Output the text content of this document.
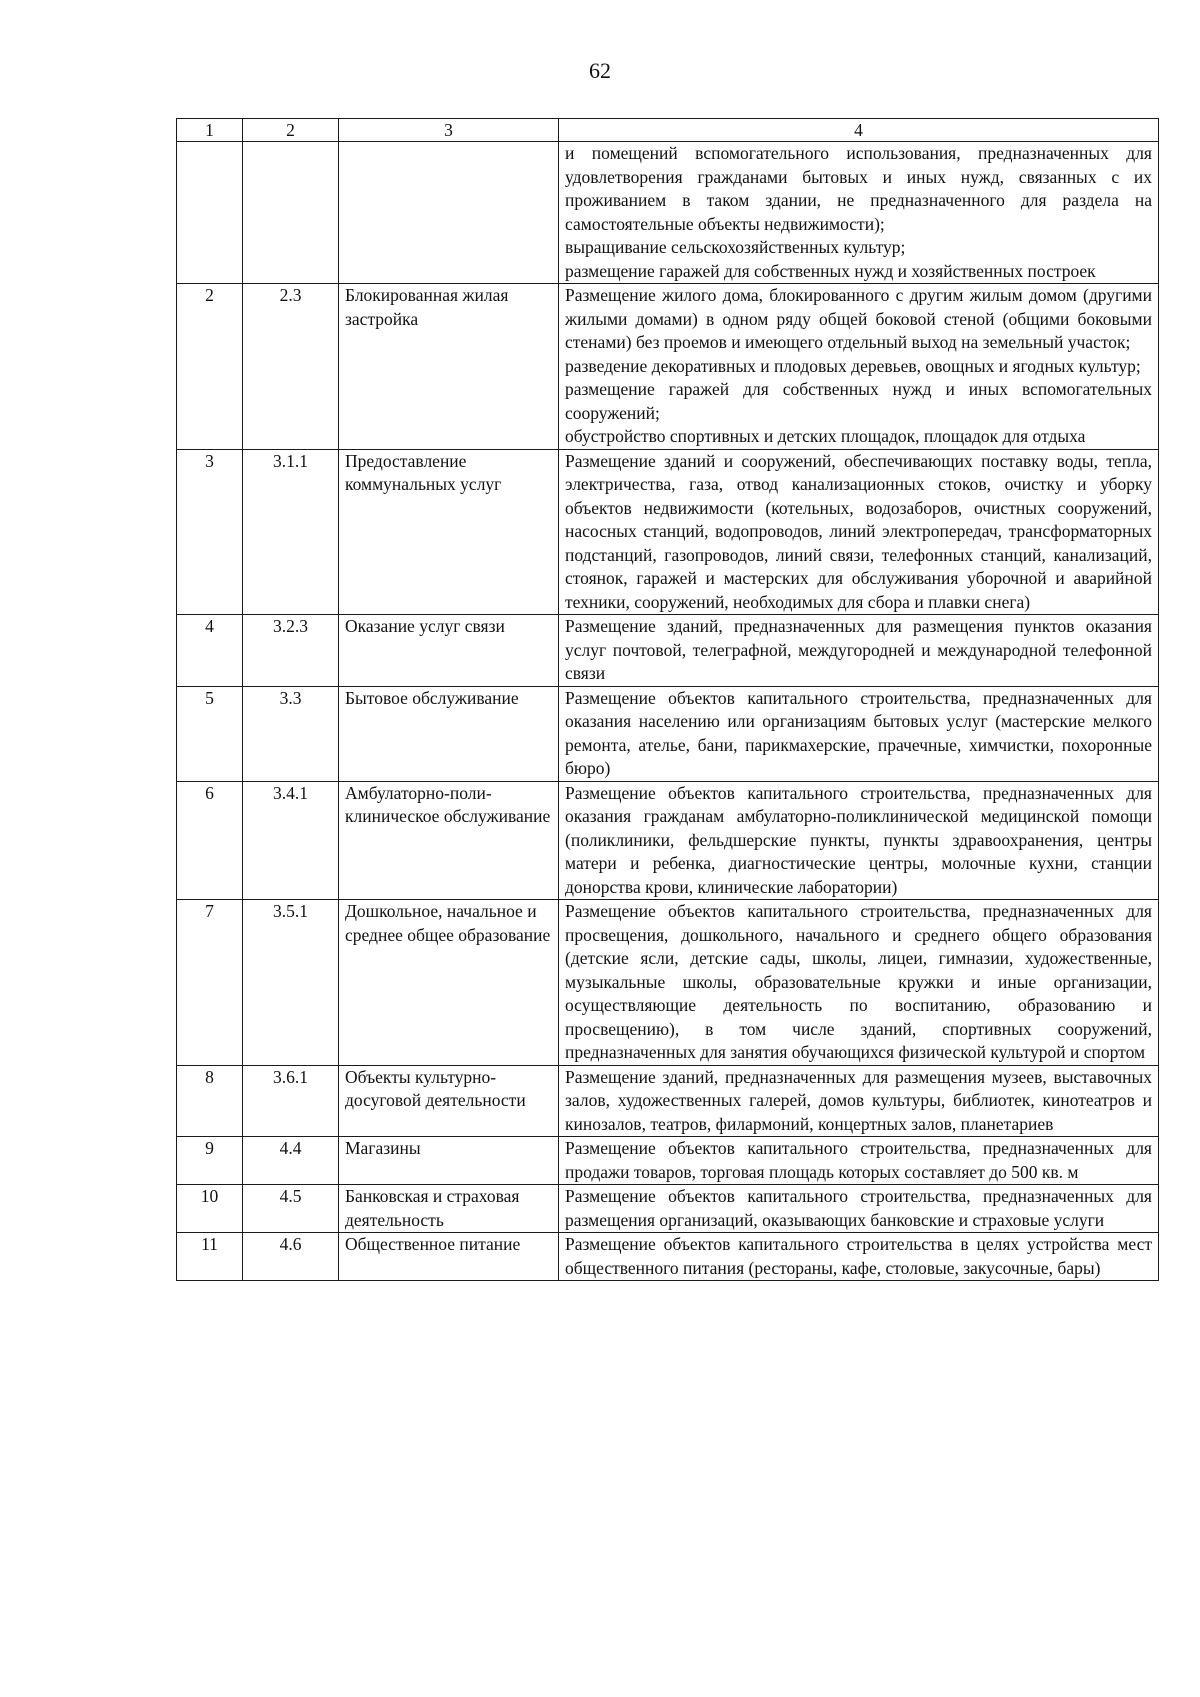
62
1	2	3	4

			и помещений вспомогательного использования, предназначенных для удовлетворения гражданами бытовых и иных нужд, связанных с их проживанием в таком здании, не предназначенного для раздела на самостоятельные объекты недвижимости);
выращивание сельскохозяйственных культур;
размещение гаражей для собственных нужд и хозяйственных построек

2	2.3	Блокированная жилая застройка	Размещение жилого дома, блокированного с другим жилым домом (другими жилыми домами) в одном ряду общей боковой стеной (общими боковыми стенами) без проемов и имеющего отдельный выход на земельный участок;
разведение декоративных и плодовых деревьев, овощных и ягодных культур;
размещение гаражей для собственных нужд и иных вспомогательных сооружений;
обустройство спортивных и детских площадок, площадок для отдыха

3	3.1.1	Предоставление коммунальных услуг	Размещение зданий и сооружений, обеспечивающих поставку воды, тепла, электричества, газа, отвод канализационных стоков, очистку и уборку объектов недвижимости (котельных, водозаборов, очистных сооружений, насосных станций, водопроводов, линий электропередач, трансформаторных подстанций, газопроводов, линий связи, телефонных станций, канализаций, стоянок, гаражей и мастерских для обслуживания уборочной и аварийной техники, сооружений, необходимых для сбора и плавки снега)

4	3.2.3	Оказание услуг связи	Размещение зданий, предназначенных для размещения пунктов оказания услуг почтовой, телеграфной, междугородней и международной телефонной связи

5	3.3	Бытовое обслуживание	Размещение объектов капитального строительства, предназначенных для оказания населению или организациям бытовых услуг (мастерские мелкого ремонта, ателье, бани, парикмахерские, прачечные, химчистки, похоронные бюро)

6	3.4.1	Амбулаторно-поли-клиническое обслуживание	Размещение объектов капитального строительства, предназначенных для оказания гражданам амбулаторно-поликлинической медицинской помощи (поликлиники, фельдшерские пункты, пункты здравоохранения, центры матери и ребенка, диагностические центры, молочные кухни, станции донорства крови, клинические лаборатории)

7	3.5.1	Дошкольное, начальное и среднее общее образование	Размещение объектов капитального строительства, предназначенных для просвещения, дошкольного, начального и среднего общего образования (детские ясли, детские сады, школы, лицеи, гимназии, художественные, музыкальные школы, образовательные кружки и иные организации, осуществляющие деятельность по воспитанию, образованию и просвещению), в том числе зданий, спортивных сооружений, предназначенных для занятия обучающихся физической культурой и спортом

8	3.6.1	Объекты культурно-досуговой деятельности	Размещение зданий, предназначенных для размещения музеев, выставочных залов, художественных галерей, домов культуры, библиотек, кинотеатров и кинозалов, театров, филармоний, концертных залов, планетариев

9	4.4	Магазины	Размещение объектов капитального строительства, предназначенных для продажи товаров, торговая площадь которых составляет до 500 кв. м

10	4.5	Банковская и страховая деятельность	Размещение объектов капитального строительства, предназначенных для размещения организаций, оказывающих банковские и страховые услуги

11	4.6	Общественное питание	Размещение объектов капитального строительства в целях устройства мест общественного питания (рестораны, кафе, столовые, закусочные, бары)
